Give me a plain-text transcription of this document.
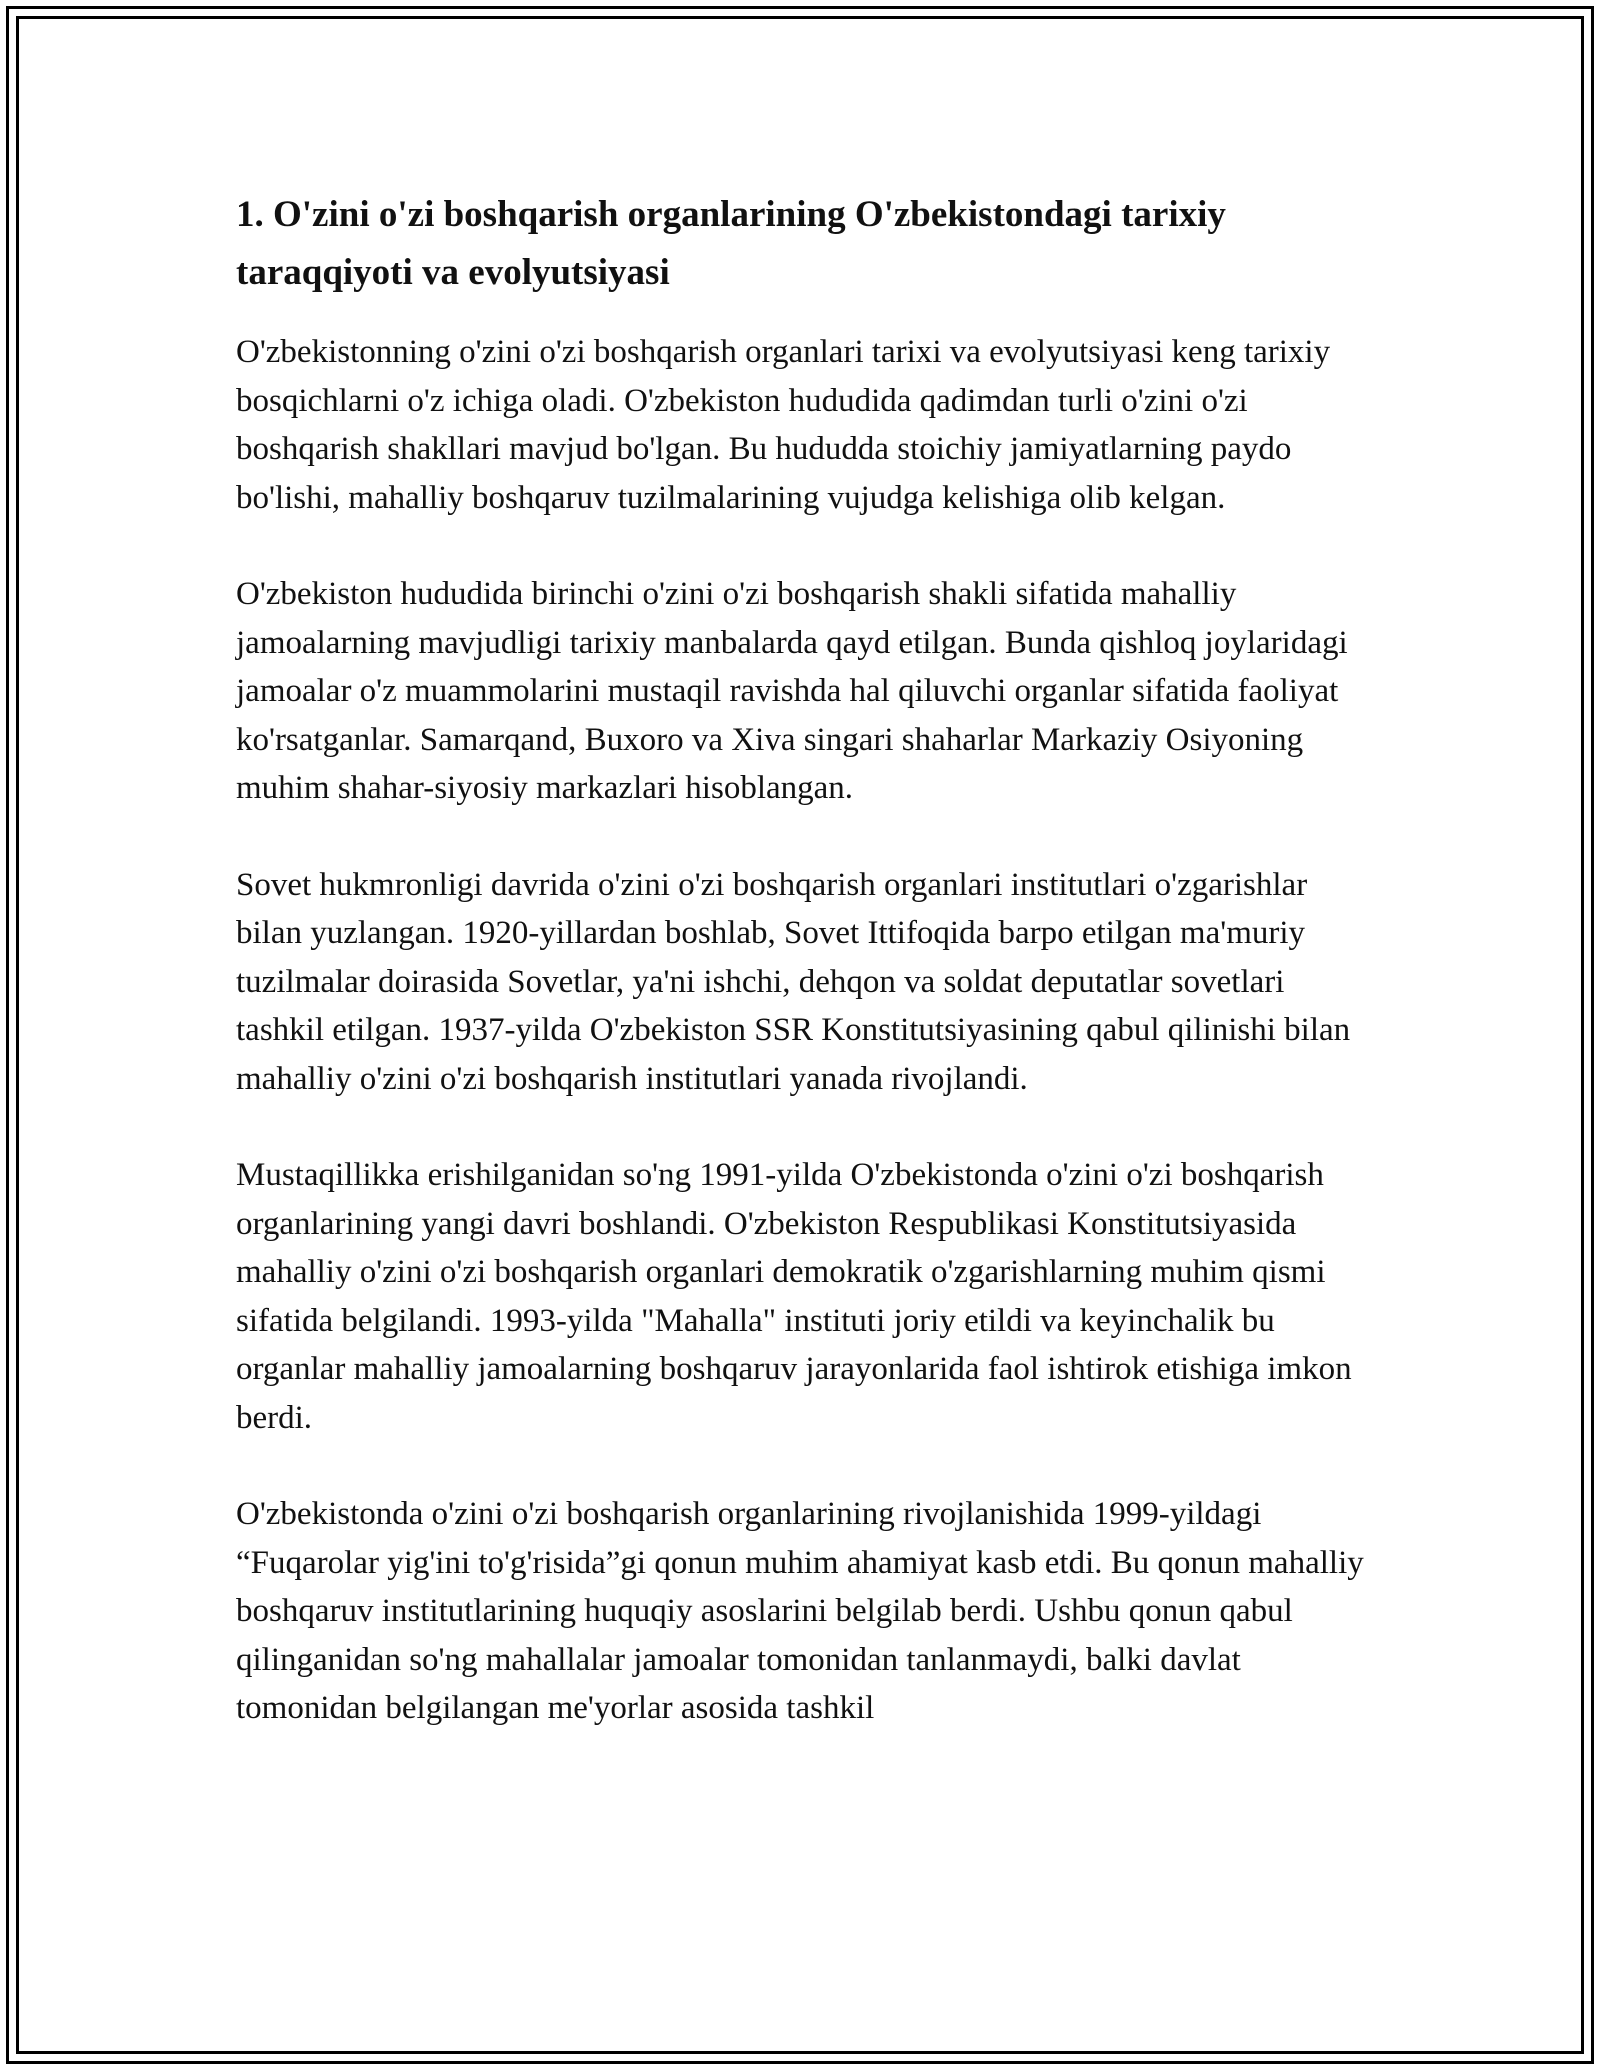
1. O'zini o'zi boshqarish organlarining O'zbekistondagi tarixiy taraqqiyoti va evolyutsiyasi

O'zbekistonning o'zini o'zi boshqarish organlari tarixi va evolyutsiyasi keng tarixiy bosqichlarni o'z ichiga oladi. O'zbekiston hududida qadimdan turli o'zini o'zi boshqarish shakllari mavjud bo'lgan. Bu hududda stoichiy jamiyatlarning paydo bo'lishi, mahalliy boshqaruv tuzilmalarining vujudga kelishiga olib kelgan.

O'zbekiston hududida birinchi o'zini o'zi boshqarish shakli sifatida mahalliy jamoalarning mavjudligi tarixiy manbalarda qayd etilgan. Bunda qishloq joylaridagi jamoalar o'z muammolarini mustaqil ravishda hal qiluvchi organlar sifatida faoliyat ko'rsatganlar. Samarqand, Buxoro va Xiva singari shaharlar Markaziy Osiyoning muhim shahar-siyosiy markazlari hisoblangan.

Sovet hukmronligi davrida o'zini o'zi boshqarish organlari institutlari o'zgarishlar bilan yuzlangan. 1920-yillardan boshlab, Sovet Ittifoqida barpo etilgan ma'muriy tuzilmalar doirasida Sovetlar, ya'ni ishchi, dehqon va soldat deputatlar sovetlari tashkil etilgan. 1937-yilda O'zbekiston SSR Konstitutsiyasining qabul qilinishi bilan mahalliy o'zini o'zi boshqarish institutlari yanada rivojlandi.

Mustaqillikka erishilganidan so'ng 1991-yilda O'zbekistonda o'zini o'zi boshqarish organlarining yangi davri boshlandi. O'zbekiston Respublikasi Konstitutsiyasida mahalliy o'zini o'zi boshqarish organlari demokratik o'zgarishlarning muhim qismi sifatida belgilandi. 1993-yilda "Mahalla" instituti joriy etildi va keyinchalik bu organlar mahalliy jamoalarning boshqaruv jarayonlarida faol ishtirok etishiga imkon berdi.

O'zbekistonda o'zini o'zi boshqarish organlarining rivojlanishida 1999-yildagi “Fuqarolar yig'ini to'g'risida”gi qonun muhim ahamiyat kasb etdi. Bu qonun mahalliy boshqaruv institutlarining huquqiy asoslarini belgilab berdi. Ushbu qonun qabul qilinganidan so'ng mahallalar jamoalar tomonidan tanlanmaydi, balki davlat tomonidan belgilangan me'yorlar asosida tashkil
